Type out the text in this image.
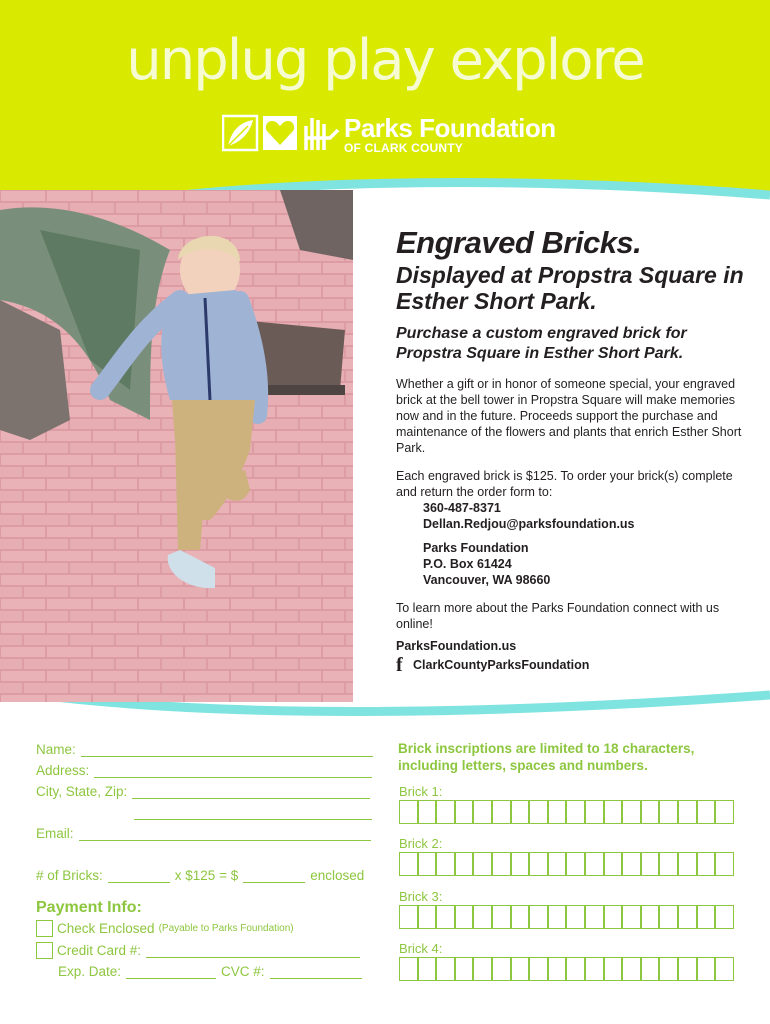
unplug play explore
Parks Foundation
OF CLARK COUNTY
Engraved Bricks.
Displayed at Propstra Square in Esther Short Park.
Purchase a custom engraved brick for Propstra Square in Esther Short Park.
Whether a gift or in honor of someone special, your engraved brick at the bell tower in Propstra Square will make memories now and in the future. Proceeds support the purchase and maintenance of the flowers and plants that enrich Esther Short Park.
Each engraved brick is $125. To order your brick(s) complete and return the order form to:
360-487-8371
Dellan.Redjou@parksfoundation.us
Parks Foundation
P.O. Box 61424
Vancouver, WA 98660
To learn more about the Parks Foundation connect with us online!
ParksFoundation.us
f ClarkCountyParksFoundation
Name:
Address:
City, State, Zip:
Email:
# of Bricks:	x $125 = $	enclosed
Payment Info:
Check Enclosed (Payable to Parks Foundation)
Credit Card #:
Exp. Date:	CVC #:
Brick inscriptions are limited to 18 characters, including letters, spaces and numbers.
Brick 1:
Brick 2:
Brick 3:
Brick 4:
